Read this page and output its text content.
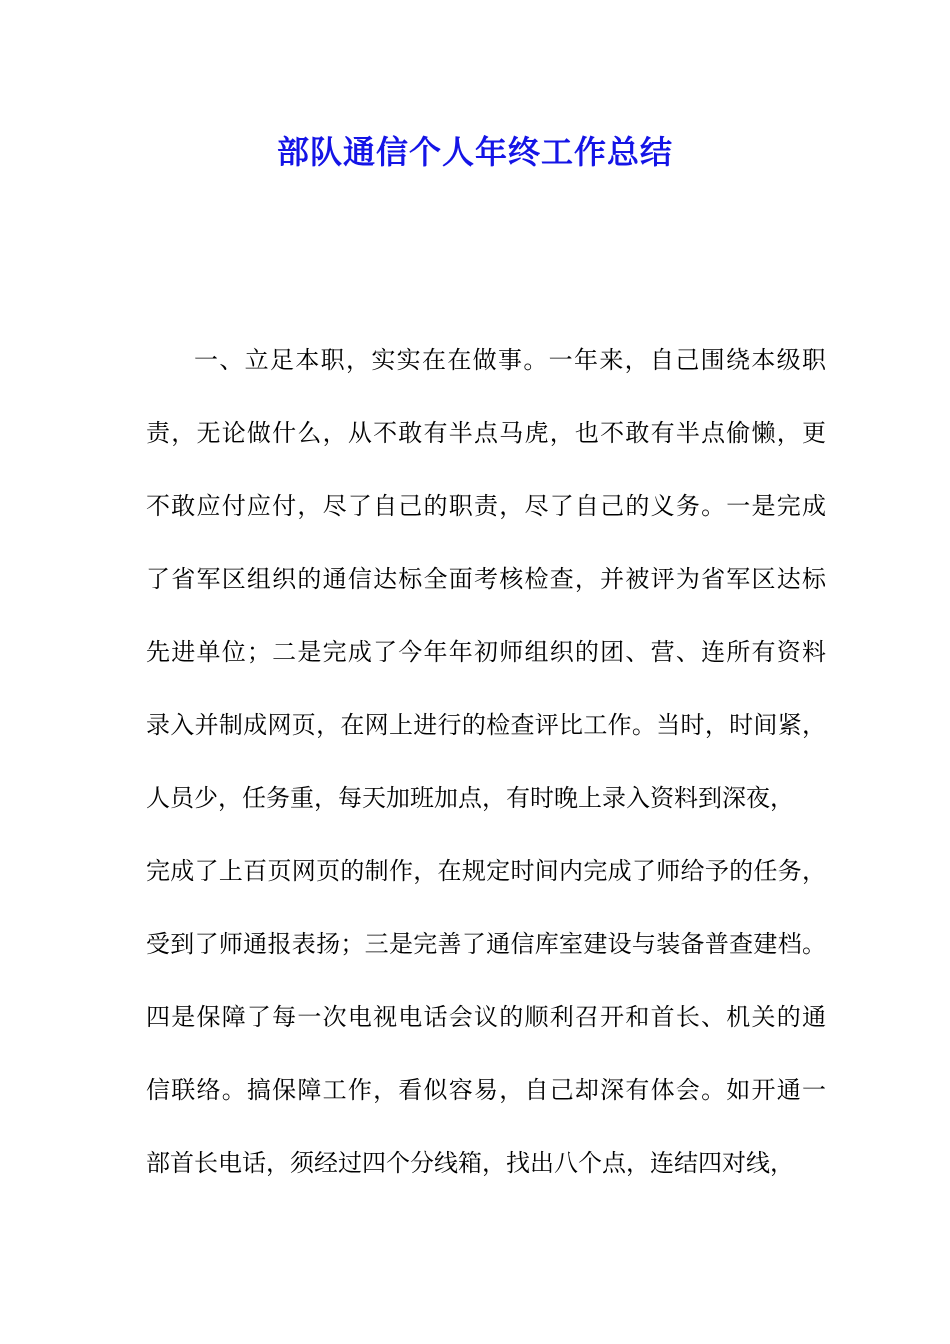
部队通信个人年终工作总结
一、立足本职，实实在在做事。一年来，自己围绕本级职
责，无论做什么，从不敢有半点马虎，也不敢有半点偷懒，更
不敢应付应付，尽了自己的职责，尽了自己的义务。一是完成
了省军区组织的通信达标全面考核检查，并被评为省军区达标
先进单位；二是完成了今年年初师组织的团、营、连所有资料
录入并制成网页，在网上进行的检查评比工作。当时，时间紧，
人员少，任务重，每天加班加点，有时晚上录入资料到深夜，
完成了上百页网页的制作，在规定时间内完成了师给予的任务，
受到了师通报表扬；三是完善了通信库室建设与装备普查建档。
四是保障了每一次电视电话会议的顺利召开和首长、机关的通
信联络。搞保障工作，看似容易，自己却深有体会。如开通一
部首长电话，须经过四个分线箱，找出八个点，连结四对线，
